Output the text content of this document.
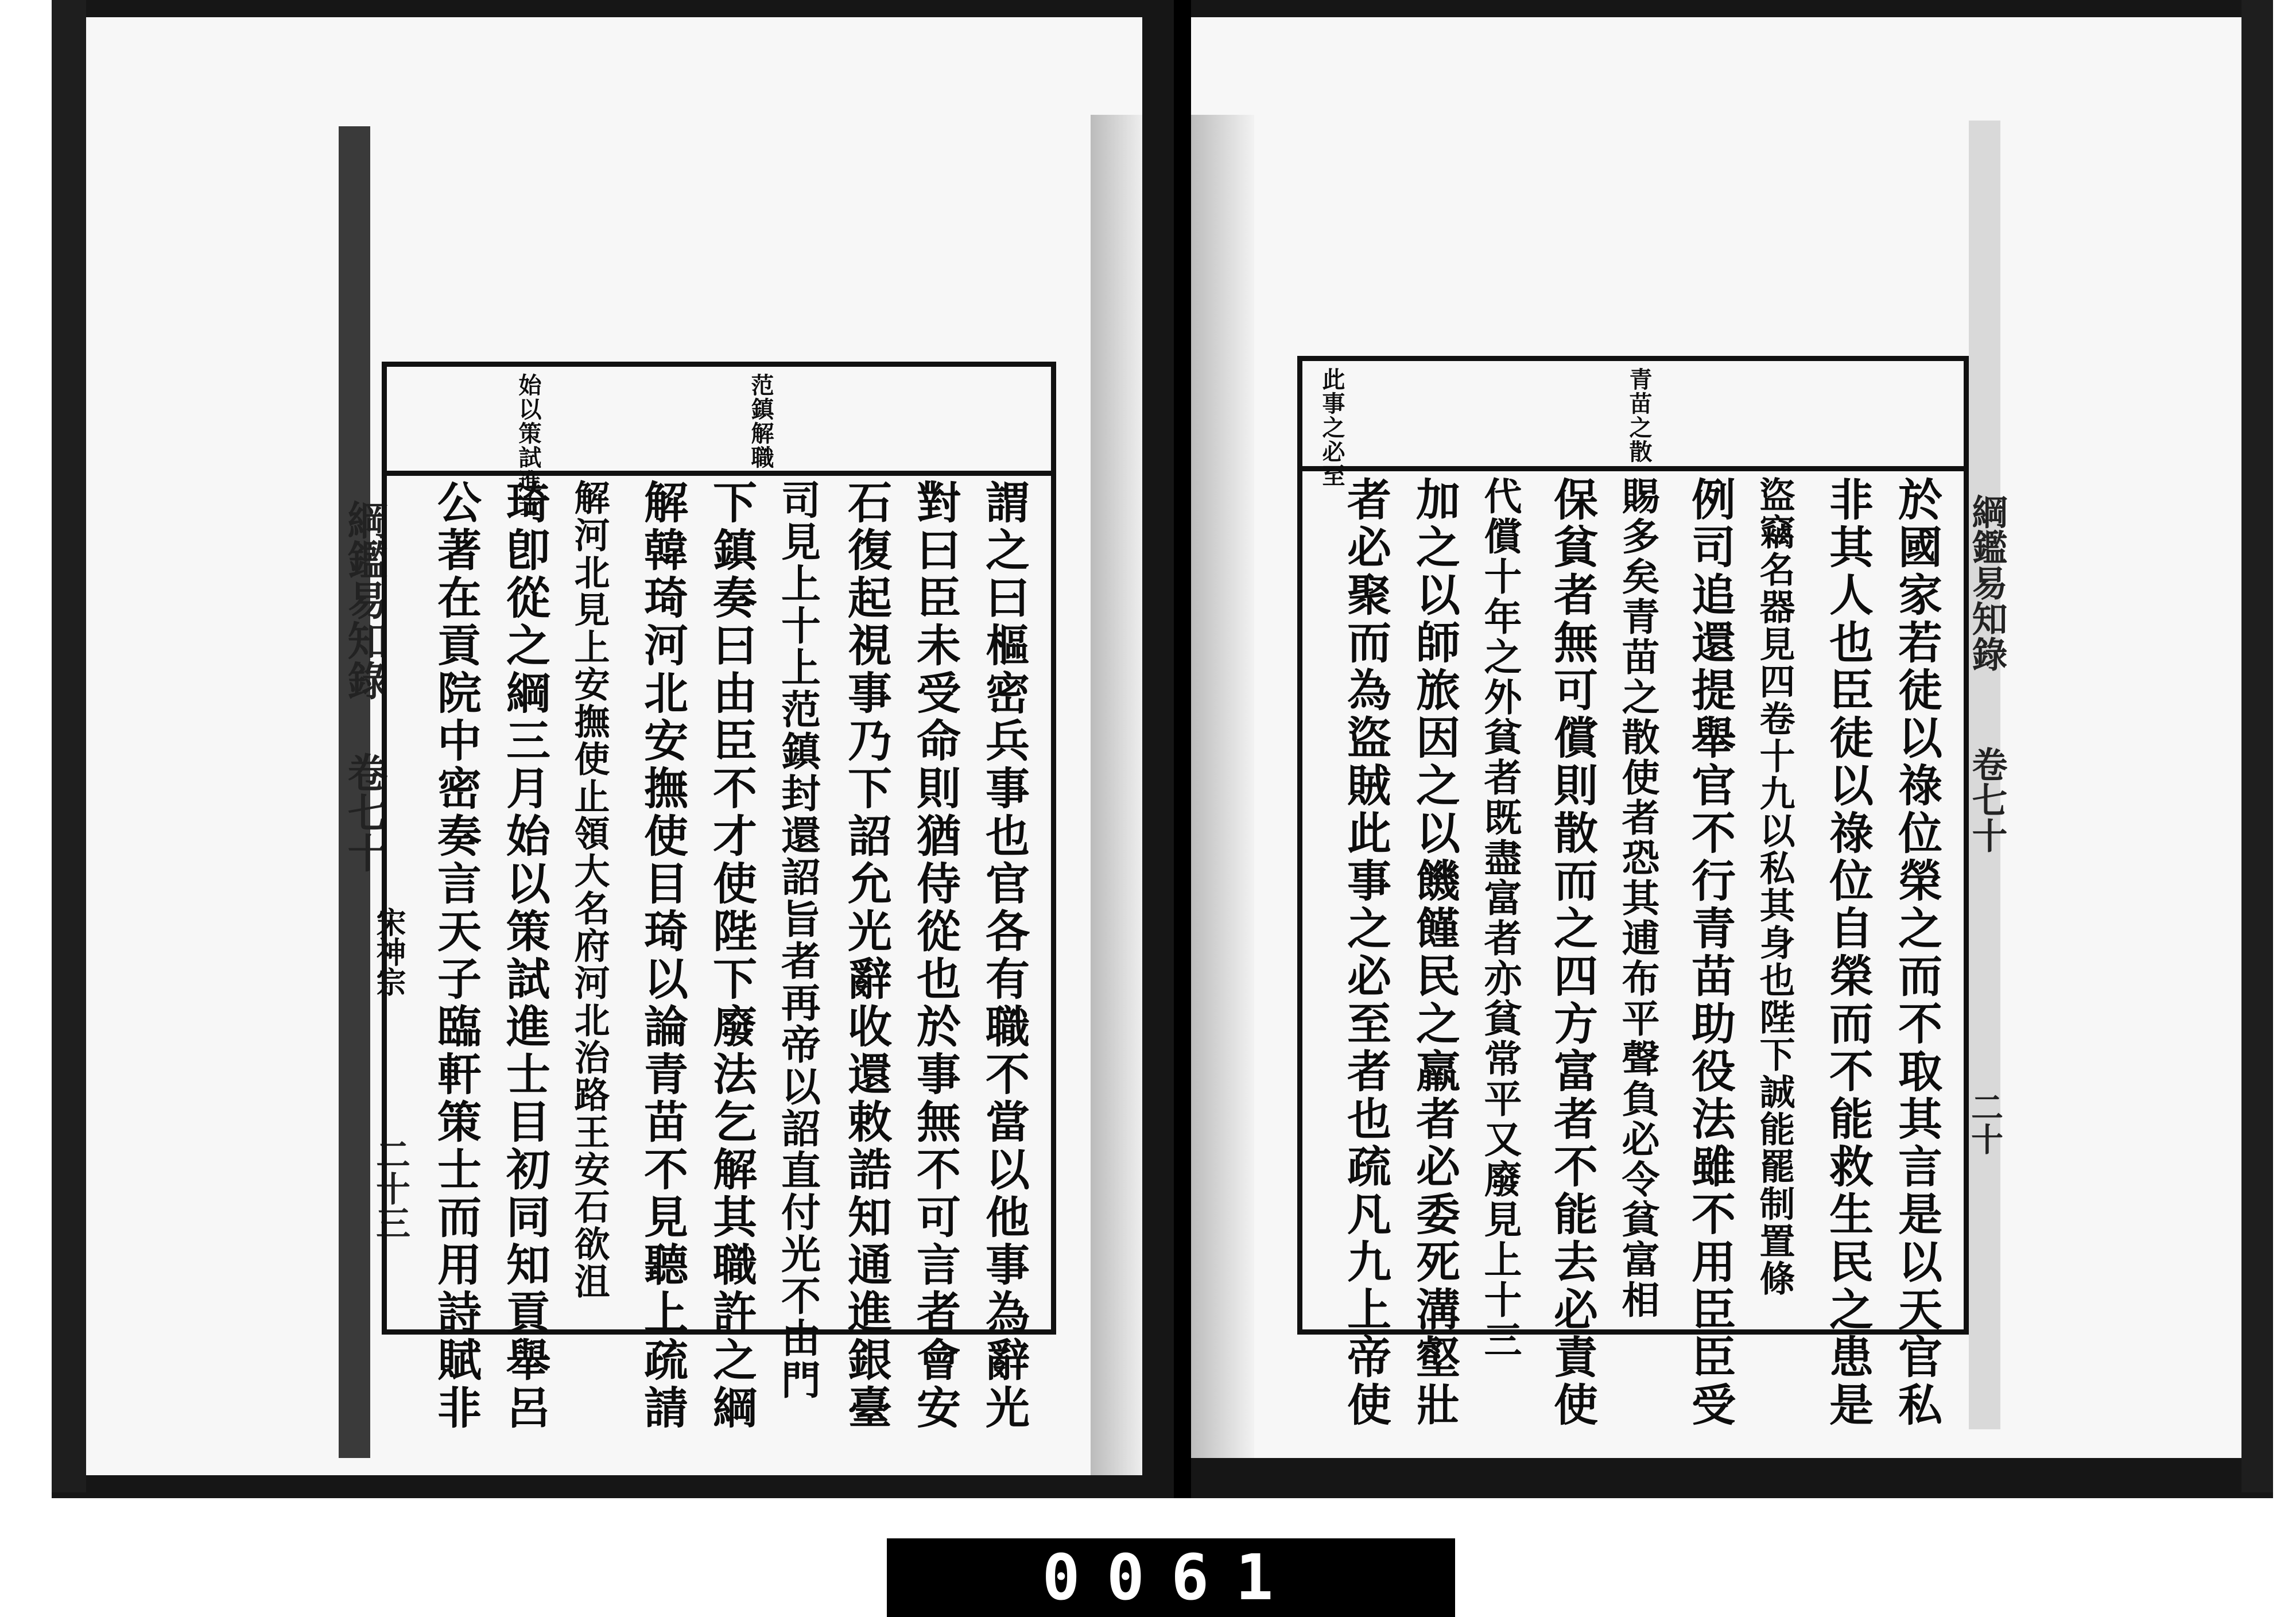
綱鑑易知錄
卷七十
宋神宗
二十三
范鎮解職
始以策試進士
謂之曰樞密兵事也官各有職不當以他事為辭光
對曰臣未受命則猶侍從也於事無不可言者會安
石復起視事乃下詔允光辭收還敕誥知通進銀臺
司見上十上范鎮封還詔旨者再帝以詔直付光不由門
下鎮奏曰由臣不才使陛下廢法乞解其職許之綱
解韓琦河北安撫使目琦以論青苗不見聽上疏請
解河北見上安撫使止領大名府河北治路王安石欲沮
琦卽從之綱三月始以策試進士目初同知貢舉呂
公著在貢院中密奏言天子臨軒策士而用詩賦非
青苗之散
此事之必至
於國家若徒以祿位榮之而不取其言是以天官私
非其人也臣徒以祿位自榮而不能救生民之患是
盜竊名器見四卷十九以私其身也陛下誠能罷制置條
例司追還提舉官不行青苗助役法雖不用臣臣受
賜多矣青苗之散使者恐其逋布平聲負必令貧富相
保貧者無可償則散而之四方富者不能去必責使
代償十年之外貧者既盡富者亦貧常平又廢見上十三
加之以師旅因之以饑饉民之羸者必委死溝壑壯
者必聚而為盜賊此事之必至者也疏凡九上帝使	綱鑑易知錄
卷七十
二十
0061
